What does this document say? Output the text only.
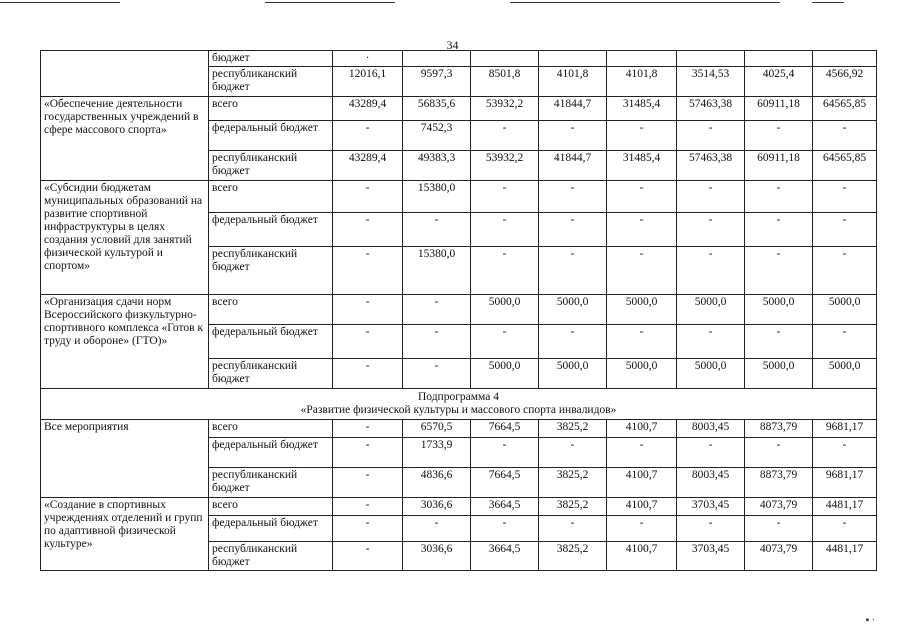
34
	бюджет	·								
	республиканский бюджет	12016,1	9597,3	8501,8	4101,8	4101,8	3514,53	4025,4	4566,92	
«Обеспечение деятельности государственных учреждений в сфере массового спорта»	всего	43289,4	56835,6	53932,2	41844,7	31485,4	57463,38	60911,18	64565,85	
	федеральный бюджет	-	7452,3	-	-	-	-	-	-	
	республиканский бюджет	43289,4	49383,3	53932,2	41844,7	31485,4	57463,38	60911,18	64565,85	
«Субсидии бюджетам муниципальных образований на развитие спортивной инфраструктуры в целях создания условий для занятий физической культурой и спортом»	всего	-	15380,0	-	-	-	-	-	-	
	федеральный бюджет	-	-	-	-	-	-	-	-	
	республиканский бюджет	-	15380,0	-	-	-	-	-	-	
«Организация сдачи норм Всероссийского физкультурно-спортивного комплекса «Готов к труду и обороне» (ГТО)»	всего	-	-	5000,0	5000,0	5000,0	5000,0	5000,0	5000,0	
	федеральный бюджет	-	-	-	-	-	-	-	-	
	республиканский бюджет	-	-	5000,0	5000,0	5000,0	5000,0	5000,0	5000,0	

Подпрограмма 4
«Развитие физической культуры и массового спорта инвалидов»										

Все мероприятия	всего	-	6570,5	7664,5	3825,2	4100,7	8003,45	8873,79	9681,17	
	федеральный бюджет	-	1733,9	-	-	-	-	-	-	
	республиканский бюджет	-	4836,6	7664,5	3825,2	4100,7	8003,45	8873,79	9681,17	
«Создание в спортивных учреждениях отделений и групп по адаптивной физической культуре»	всего	-	3036,6	3664,5	3825,2	4100,7	3703,45	4073,79	4481,17	
	федеральный бюджет	-	-	-	-	-	-	-	-	
	республиканский бюджет	-	3036,6	3664,5	3825,2	4100,7	3703,45	4073,79	4481,17	
▪ ·
